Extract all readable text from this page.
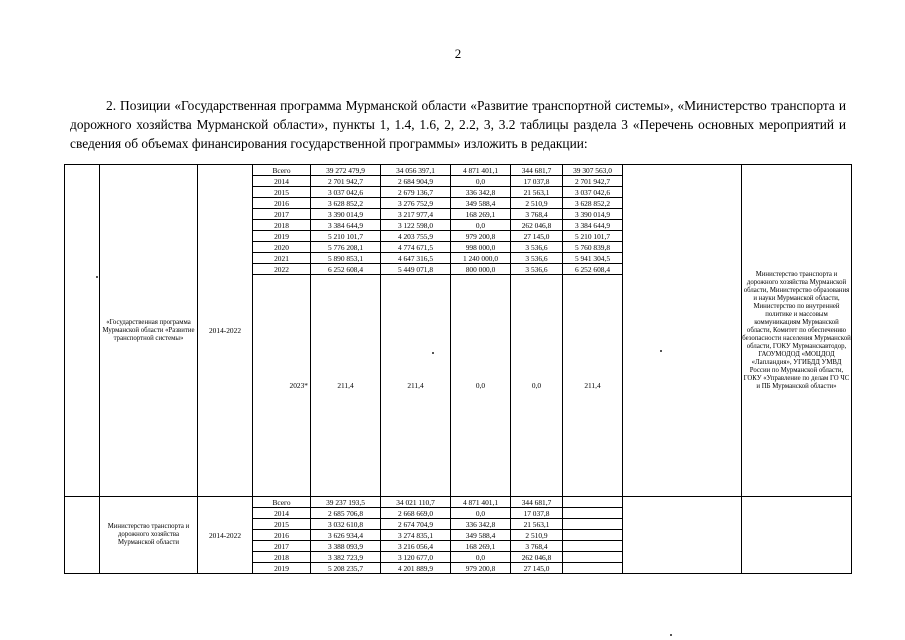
2
2. Позиции «Государственная программа Мурманской области «Развитие транспортной системы», «Министерство транспорта и дорожного хозяйства Мурманской области», пункты 1, 1.4, 1.6, 2, 2.2, 3, 3.2 таблицы раздела 3 «Перечень основных мероприятий и сведения об объемах финансирования государственной программы» изложить в редакции:
	«Государственная программа Мурманской области «Развитие транспортной системы»	2014-2022	Всего	39 272 479,9	34 056 397,1	4 871 401,1	344 681,7	39 307 563,0		Министерство транспорта и дорожного хозяйства Мурманской области, Министерство образования и науки Мурманской области, Министерство по внутренней политике и массовым коммуникациям Мурманской области, Комитет по обеспечению безопасности населения Мурманской области, ГОКУ Мурманскавтодор, ГАОУМОДОД «МОЦДОД «Лапландия», УГИБДД УМВД России по Мурманской области, ГОКУ «Управление по делам ГО ЧС и ПБ Мурманской области»
			2014	2 701 942,7	2 684 904,9	0,0	17 037,8	2 701 942,7		
			2015	3 037 042,6	2 679 136,7	336 342,8	21 563,1	3 037 042,6		
			2016	3 628 852,2	3 276 752,9	349 588,4	2 510,9	3 628 852,2		
			2017	3 390 014,9	3 217 977,4	168 269,1	3 768,4	3 390 014,9		
			2018	3 384 644,9	3 122 598,0	0,0	262 046,8	3 384 644,9		
			2019	5 210 101,7	4 203 755,9	979 200,8	27 145,0	5 210 101,7		
			2020	5 776 208,1	4 774 671,5	998 000,0	3 536,6	5 760 839,8		
			2021	5 890 853,1	4 647 316,5	1 240 000,0	3 536,6	5 941 304,5		
			2022	6 252 608,4	5 449 071,8	800 000,0	3 536,6	6 252 608,4		
			2023*	211,4	211,4	0,0	0,0	211,4		
	Министерство транспорта и дорожного хозяйства Мурманской области	2014-2022	Всего	39 237 193,5	34 021 110,7	4 871 401,1	344 681,7			
			2014	2 685 706,8	2 668 669,0	0,0	17 037,8			
			2015	3 032 610,8	2 674 704,9	336 342,8	21 563,1			
			2016	3 626 934,4	3 274 835,1	349 588,4	2 510,9			
			2017	3 388 093,9	3 216 056,4	168 269,1	3 768,4			
			2018	3 382 723,9	3 120 677,0	0,0	262 046,8			
			2019	5 208 235,7	4 201 889,9	979 200,8	27 145,0			
